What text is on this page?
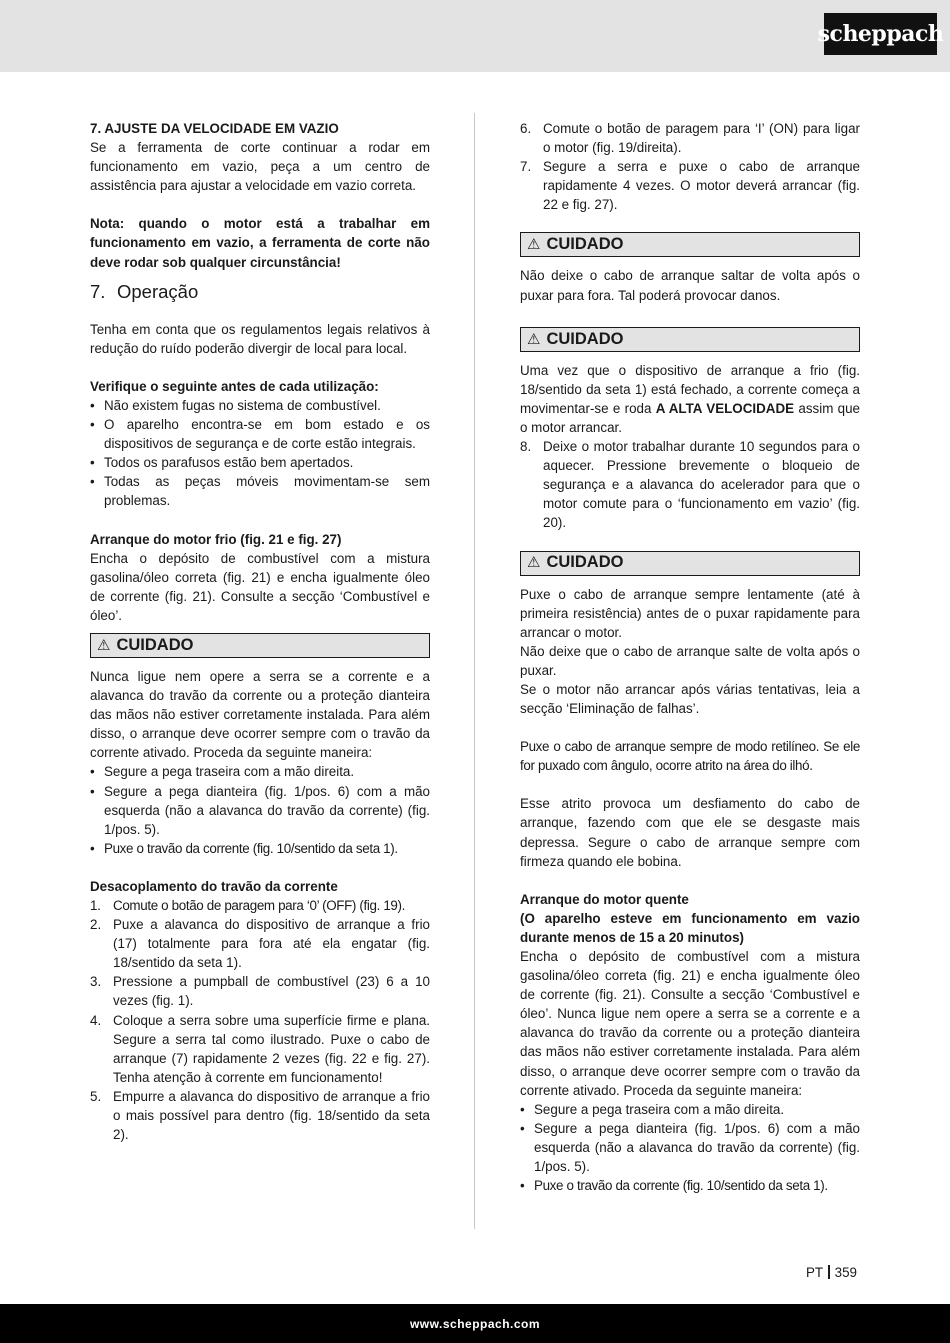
scheppach

7. AJUSTE DA VELOCIDADE EM VAZIO

Se a ferramenta de corte continuar a rodar em funcionamento em vazio, peça a um centro de assistência para ajustar a velocidade em vazio correta.

Nota: quando o motor está a trabalhar em funcionamento em vazio, a ferramenta de corte não deve rodar sob qualquer circunstância!

7. Operação

Tenha em conta que os regulamentos legais relativos à redução do ruído poderão divergir de local para local.

Verifique o seguinte antes de cada utilização:

• Não existem fugas no sistema de combustível.
• O aparelho encontra-se em bom estado e os dispositivos de segurança e de corte estão integrais.
• Todos os parafusos estão bem apertados.
• Todas as peças móveis movimentam-se sem problemas.

Arranque do motor frio (fig. 21 e fig. 27)

Encha o depósito de combustível com a mistura gasolina/óleo correta (fig. 21) e encha igualmente óleo de corrente (fig. 21). Consulte a secção ‘Combustível e óleo’.

⚠ CUIDADO

Nunca ligue nem opere a serra se a corrente e a alavanca do travão da corrente ou a proteção dianteira das mãos não estiver corretamente instalada. Para além disso, o arranque deve ocorrer sempre com o travão da corrente ativado. Proceda da seguinte maneira:

• Segure a pega traseira com a mão direita.
• Segure a pega dianteira (fig. 1/pos. 6) com a mão esquerda (não a alavanca do travão da corrente) (fig. 1/pos. 5).
• Puxe o travão da corrente (fig. 10/sentido da seta 1).

Desacoplamento do travão da corrente

1. Comute o botão de paragem para ‘0’ (OFF) (fig. 19).
2. Puxe a alavanca do dispositivo de arranque a frio (17) totalmente para fora até ela engatar (fig. 18/sentido da seta 1).
3. Pressione a pumpball de combustível (23) 6 a 10 vezes (fig. 1).
4. Coloque a serra sobre uma superfície firme e plana. Segure a serra tal como ilustrado. Puxe o cabo de arranque (7) rapidamente 2 vezes (fig. 22 e fig. 27). Tenha atenção à corrente em funcionamento!
5. Empurre a alavanca do dispositivo de arranque a frio o mais possível para dentro (fig. 18/sentido da seta 2).
6. Comute o botão de paragem para ‘I’ (ON) para ligar o motor (fig. 19/direita).
7. Segure a serra e puxe o cabo de arranque rapidamente 4 vezes. O motor deverá arrancar (fig. 22 e fig. 27).
⚠ CUIDADO

Não deixe o cabo de arranque saltar de volta após o puxar para fora. Tal poderá provocar danos.

⚠ CUIDADO

Uma vez que o dispositivo de arranque a frio (fig. 18/sentido da seta 1) está fechado, a corrente começa a movimentar-se e roda A ALTA VELOCIDADE assim que o motor arrancar.

8. Deixe o motor trabalhar durante 10 segundos para o aquecer. Pressione brevemente o bloqueio de segurança e a alavanca do acelerador para que o motor comute para o ‘funcionamento em vazio’ (fig. 20).
⚠ CUIDADO

Puxe o cabo de arranque sempre lentamente (até à primeira resistência) antes de o puxar rapidamente para arrancar o motor.

Não deixe que o cabo de arranque salte de volta após o puxar.

Se o motor não arrancar após várias tentativas, leia a secção ‘Eliminação de falhas’.

Puxe o cabo de arranque sempre de modo retilíneo. Se ele for puxado com ângulo, ocorre atrito na área do ilhó.

Esse atrito provoca um desfiamento do cabo de arranque, fazendo com que ele se desgaste mais depressa. Segure o cabo de arranque sempre com firmeza quando ele bobina.

Arranque do motor quente

(O aparelho esteve em funcionamento em vazio durante menos de 15 a 20 minutos)

Encha o depósito de combustível com a mistura gasolina/óleo correta (fig. 21) e encha igualmente óleo de corrente (fig. 21). Consulte a secção ‘Combustível e óleo’. Nunca ligue nem opere a serra se a corrente e a alavanca do travão da corrente ou a proteção dianteira das mãos não estiver corretamente instalada. Para além disso, o arranque deve ocorrer sempre com o travão da corrente ativado. Proceda da seguinte maneira:

• Segure a pega traseira com a mão direita.
• Segure a pega dianteira (fig. 1/pos. 6) com a mão esquerda (não a alavanca do travão da corrente) (fig. 1/pos. 5).
• Puxe o travão da corrente (fig. 10/sentido da seta 1).
PT 359
www.scheppach.com
